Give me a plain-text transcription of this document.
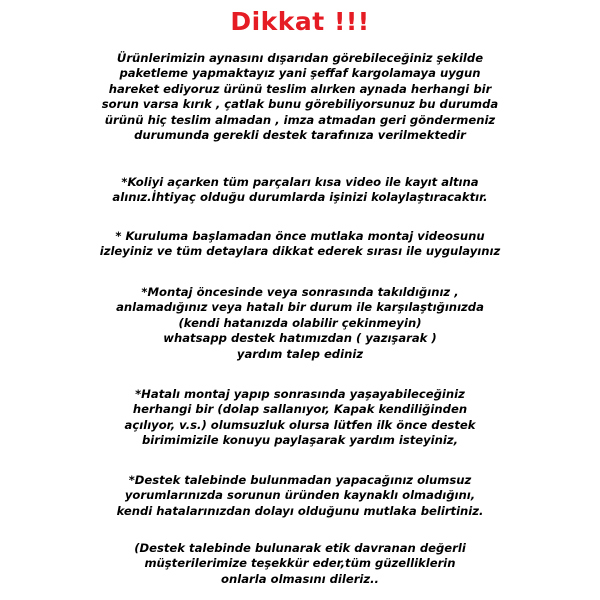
Dikkat !!!
Ürünlerimizin aynasını dışarıdan görebileceğiniz şekilde
paketleme yapmaktayız yani şeffaf kargolamaya uygun
hareket ediyoruz ürünü teslim alırken aynada herhangi bir
sorun varsa kırık , çatlak bunu görebiliyorsunuz bu durumda
ürünü hiç teslim almadan , imza atmadan geri göndermeniz
durumunda gerekli destek tarafınıza verilmektedir
*Koliyi açarken tüm parçaları kısa video ile kayıt altına
alınız.İhtiyaç olduğu durumlarda işinizi kolaylaştıracaktır.
* Kuruluma başlamadan önce mutlaka montaj videosunu
izleyiniz ve tüm detaylara dikkat ederek sırası ile uygulayınız
*Montaj öncesinde veya sonrasında takıldığınız ,
anlamadığınız veya hatalı bir durum ile karşılaştığınızda
(kendi hatanızda olabilir çekinmeyin)
whatsapp destek hatımızdan ( yazışarak )
yardım talep ediniz
*Hatalı montaj yapıp sonrasında yaşayabileceğiniz
herhangi bir (dolap sallanıyor, Kapak kendiliğinden
açılıyor, v.s.) olumsuzluk olursa lütfen ilk önce destek
birimimizile konuyu paylaşarak yardım isteyiniz,
*Destek talebinde bulunmadan yapacağınız olumsuz
yorumlarınızda sorunun üründen kaynaklı olmadığını,
kendi hatalarınızdan dolayı olduğunu mutlaka belirtiniz.
(Destek talebinde bulunarak etik davranan değerli
müşterilerimize teşekkür eder,tüm güzelliklerin
onlarla olmasını dileriz..
